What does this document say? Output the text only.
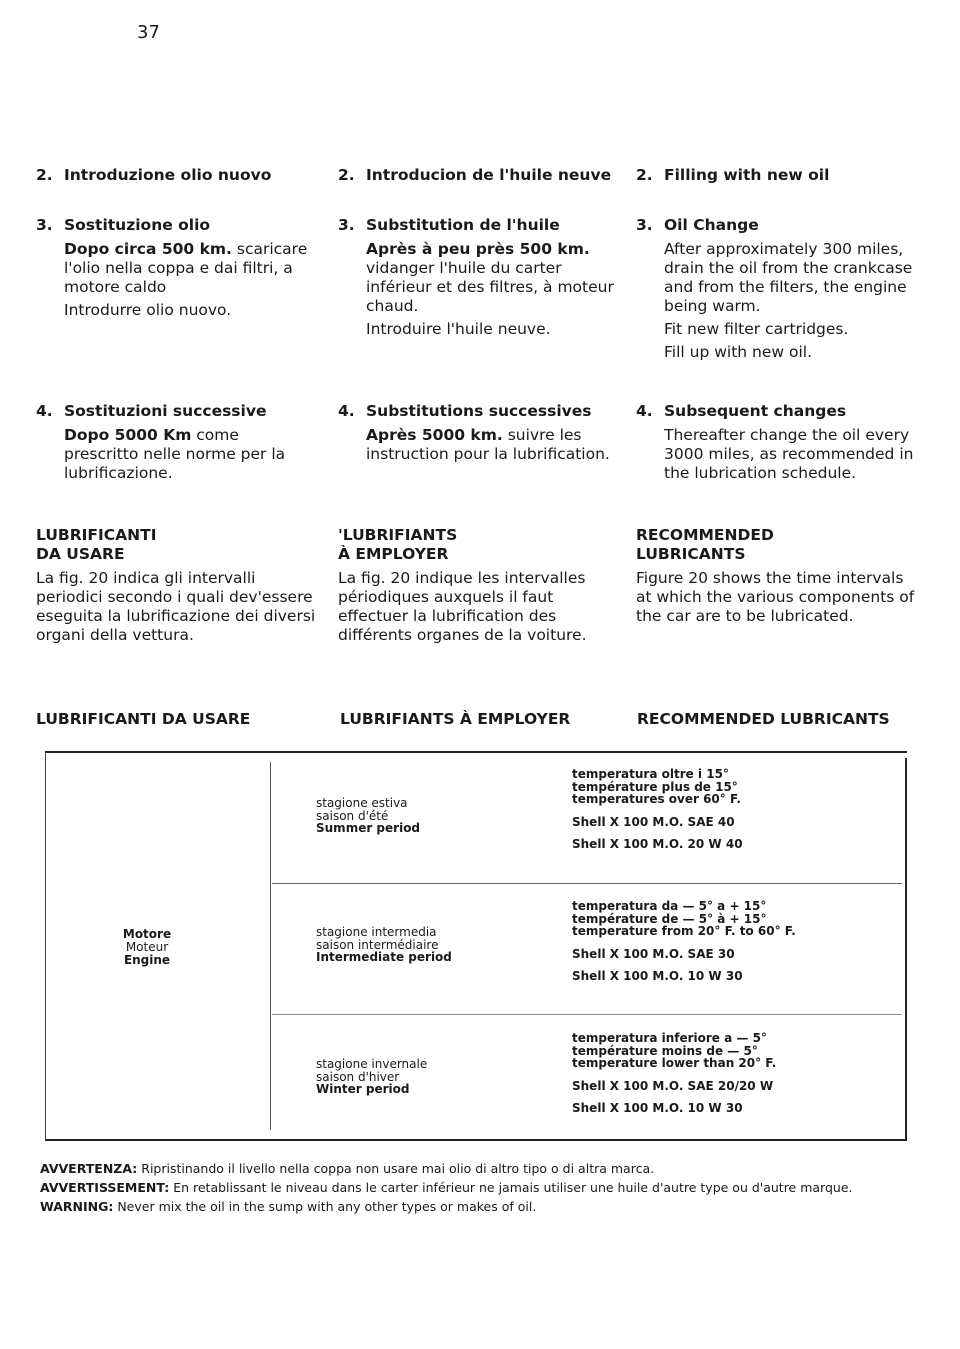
37
2. Introduzione olio nuovo
3. Sostituzione olio

Dopo circa 500 km. scaricare l'olio nella coppa e dai filtri, a motore caldo

Introdurre olio nuovo.

4. Sostituzioni successive

Dopo 5000 Km come prescritto nelle norme per la lubrificazione.

LUBRIFICANTI
DA USARE

La fig. 20 indica gli intervalli periodici secondo i quali dev'essere eseguita la lubrificazione dei diversi organi della vettura.

2. Introducion de l'huile neuve
3. Substitution de l'huile

Après à peu près 500 km. vidanger l'huile du carter inférieur et des filtres, à moteur chaud.

Introduire l'huile neuve.

4. Substitutions successives

Après 5000 km. suivre les instruction pour la lubrification.

'LUBRIFIANTS
À EMPLOYER

La fig. 20 indique les intervalles périodiques auxquels il faut effectuer la lubrification des différents organes de la voiture.

2. Filling with new oil
3. Oil Change

After approximately 300 miles, drain the oil from the crankcase and from the filters, the engine being warm.

Fit new filter cartridges.

Fill up with new oil.

4. Subsequent changes

Thereafter change the oil every 3000 miles, as recommended in the lubrication schedule.

RECOMMENDED
LUBRICANTS

Figure 20 shows the time intervals at which the various components of the car are to be lubricated.

LUBRIFICANTI DA USARE	LUBRIFIANTS À EMPLOYER	RECOMMENDED LUBRICANTS
Motore
Moteur
Engine
stagione estiva
saison d'été
Summer period
temperatura oltre i 15°
température plus de 15°
temperatures over 60° F.
Shell X 100 M.O. SAE 40
Shell X 100 M.O. 20 W 40
stagione intermedia
saison intermédiaire
Intermediate period
temperatura da — 5° a + 15°
température de — 5° à + 15°
temperature from 20° F. to 60° F.
Shell X 100 M.O. SAE 30
Shell X 100 M.O. 10 W 30
stagione invernale
saison d'hiver
Winter period
temperatura inferiore a — 5°
température moins de — 5°
temperature lower than 20° F.
Shell X 100 M.O. SAE 20/20 W
Shell X 100 M.O. 10 W 30

AVVERTENZA: Ripristinando il livello nella coppa non usare mai olio di altro tipo o di altra marca.

AVVERTISSEMENT: En retablissant le niveau dans le carter inférieur ne jamais utiliser une huile d'autre type ou d'autre marque.

WARNING: Never mix the oil in the sump with any other types or makes of oil.
